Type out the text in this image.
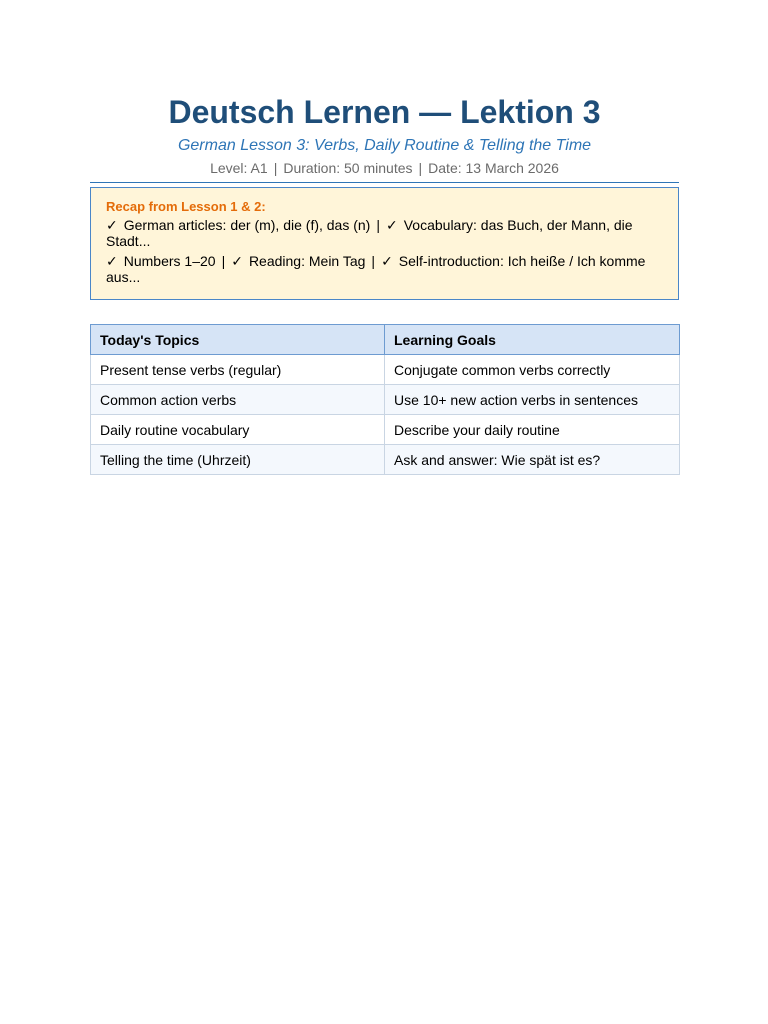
Deutsch Lernen — Lektion 3
German Lesson 3: Verbs, Daily Routine & Telling the Time
Level: A1 | Duration: 50 minutes | Date: 13 March 2026
Recap from Lesson 1 & 2:
✓ German articles: der (m), die (f), das (n) | ✓ Vocabulary: das Buch, der Mann, die Stadt...
✓ Numbers 1–20 | ✓ Reading: Mein Tag | ✓ Self-introduction: Ich heiße / Ich komme aus...
Today's Topics	Learning Goals
Present tense verbs (regular)	Conjugate common verbs correctly
Common action verbs	Use 10+ new action verbs in sentences
Daily routine vocabulary	Describe your daily routine
Telling the time (Uhrzeit)	Ask and answer: Wie spät ist es?
